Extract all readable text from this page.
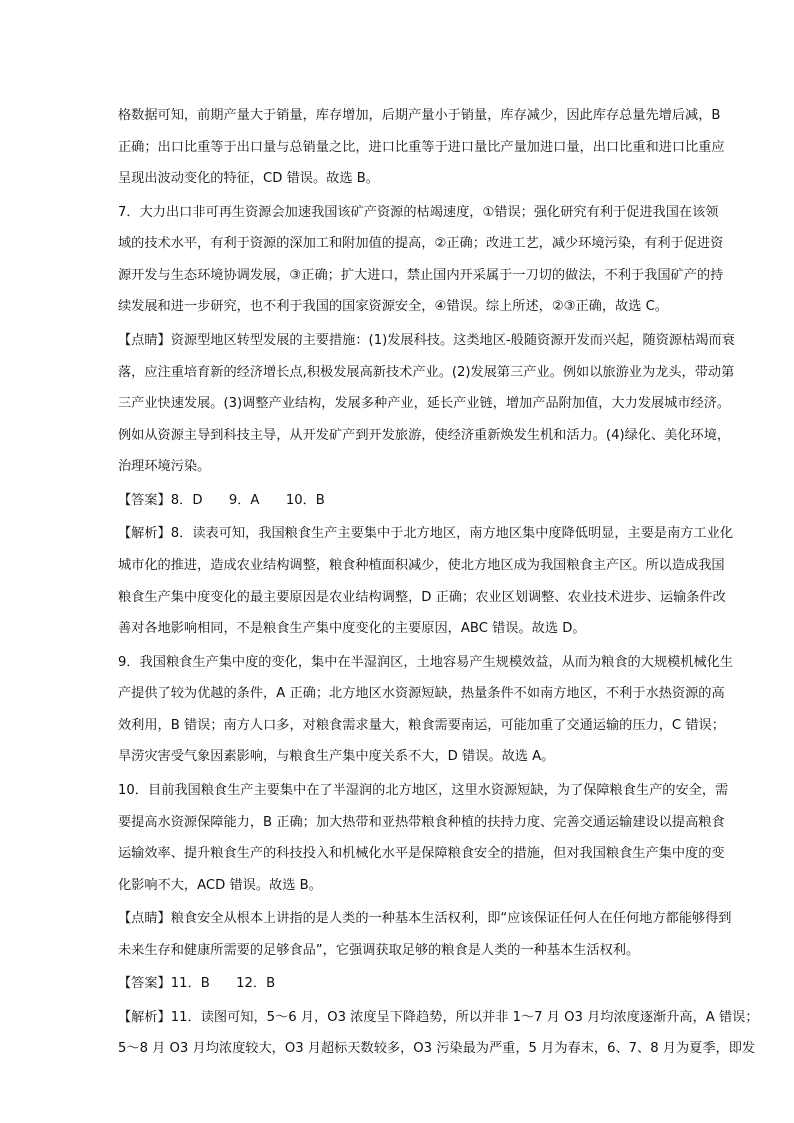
格数据可知，前期产量大于销量，库存增加，后期产量小于销量，库存减少，因此库存总量先增后减，B
正确；出口比重等于出口量与总销量之比，进口比重等于进口量比产量加进口量，出口比重和进口比重应
呈现出波动变化的特征，CD 错误。故选 B。
7．大力出口非可再生资源会加速我国该矿产资源的枯竭速度，①错误；强化研究有利于促进我国在该领
域的技术水平，有利于资源的深加工和附加值的提高，②正确；改进工艺，减少环境污染，有利于促进资
源开发与生态环境协调发展，③正确；扩大进口，禁止国内开采属于一刀切的做法，不利于我国矿产的持
续发展和进一步研究，也不利于我国的国家资源安全，④错误。综上所述，②③正确，故选 C。
【点睛】资源型地区转型发展的主要措施：(1)发展科技。这类地区-般随资源开发而兴起，随资源枯竭而衰
落，应注重培育新的经济增长点,积极发展高新技术产业。(2)发展第三产业。例如以旅游业为龙头，带动第
三产业快速发展。(3)调整产业结构，发展多种产业，延长产业链，增加产品附加值，大力发展城市经济。
例如从资源主导到科技主导，从开发矿产到开发旅游，使经济重新焕发生机和活力。(4)绿化、美化环境，
治理环境污染。
【答案】8．D　　9．A　　10．B
【解析】8．读表可知，我国粮食生产主要集中于北方地区，南方地区集中度降低明显，主要是南方工业化
城市化的推进，造成农业结构调整，粮食种植面积减少，使北方地区成为我国粮食主产区。所以造成我国
粮食生产集中度变化的最主要原因是农业结构调整，D 正确；农业区划调整、农业技术进步、运输条件改
善对各地影响相同，不是粮食生产集中度变化的主要原因，ABC 错误。故选 D。
9．我国粮食生产集中度的变化，集中在半湿润区，土地容易产生规模效益，从而为粮食的大规模机械化生
产提供了较为优越的条件，A 正确；北方地区水资源短缺，热量条件不如南方地区，不利于水热资源的高
效利用，B 错误；南方人口多，对粮食需求量大，粮食需要南运，可能加重了交通运输的压力，C 错误；
旱涝灾害受气象因素影响，与粮食生产集中度关系不大，D 错误。故选 A。
10．目前我国粮食生产主要集中在了半湿润的北方地区，这里水资源短缺，为了保障粮食生产的安全，需
要提高水资源保障能力，B 正确；加大热带和亚热带粮食种植的扶持力度、完善交通运输建设以提高粮食
运输效率、提升粮食生产的科技投入和机械化水平是保障粮食安全的措施，但对我国粮食生产集中度的变
化影响不大，ACD 错误。故选 B。
【点睛】粮食安全从根本上讲指的是人类的一种基本生活权利，即“应该保证任何人在任何地方都能够得到
未来生存和健康所需要的足够食品”，它强调获取足够的粮食是人类的一种基本生活权利。
【答案】11．B　　12．B
【解析】11．读图可知，5～6 月，O3 浓度呈下降趋势，所以并非 1～7 月 O3 月均浓度逐渐升高，A 错误；
5～8 月 O3 月均浓度较大，O3 月超标天数较多，O3 污染最为严重，5 月为春末，6、7、8 月为夏季，即发
